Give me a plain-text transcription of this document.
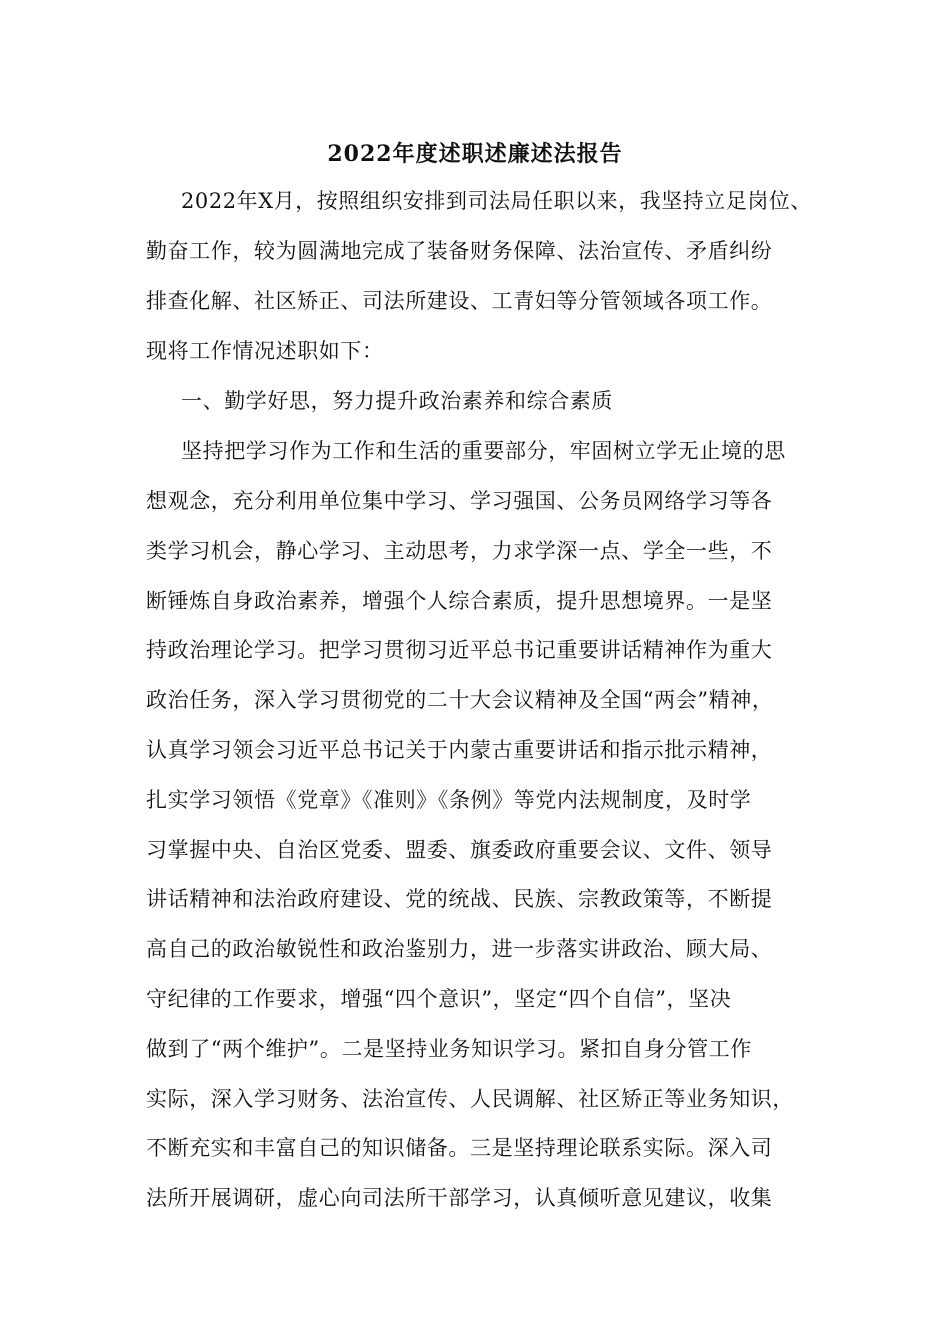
2022年度述职述廉述法报告
2022年X月，按照组织安排到司法局任职以来，我坚持立足岗位、
勤奋工作，较为圆满地完成了装备财务保障、法治宣传、矛盾纠纷
排查化解、社区矫正、司法所建设、工青妇等分管领域各项工作。
现将工作情况述职如下：
一、勤学好思，努力提升政治素养和综合素质
坚持把学习作为工作和生活的重要部分，牢固树立学无止境的思
想观念，充分利用单位集中学习、学习强国、公务员网络学习等各
类学习机会，静心学习、主动思考，力求学深一点、学全一些，不
断锤炼自身政治素养，增强个人综合素质，提升思想境界。一是坚
持政治理论学习。把学习贯彻习近平总书记重要讲话精神作为重大
政治任务，深入学习贯彻党的二十大会议精神及全国“两会”精神，
认真学习领会习近平总书记关于内蒙古重要讲话和指示批示精神，
扎实学习领悟《党章》《准则》《条例》等党内法规制度，及时学
习掌握中央、自治区党委、盟委、旗委政府重要会议、文件、领导
讲话精神和法治政府建设、党的统战、民族、宗教政策等，不断提
高自己的政治敏锐性和政治鉴别力，进一步落实讲政治、顾大局、
守纪律的工作要求，增强“四个意识”，坚定“四个自信”，坚决
做到了“两个维护”。二是坚持业务知识学习。紧扣自身分管工作
实际，深入学习财务、法治宣传、人民调解、社区矫正等业务知识，
不断充实和丰富自己的知识储备。三是坚持理论联系实际。深入司
法所开展调研，虚心向司法所干部学习，认真倾听意见建议，收集
